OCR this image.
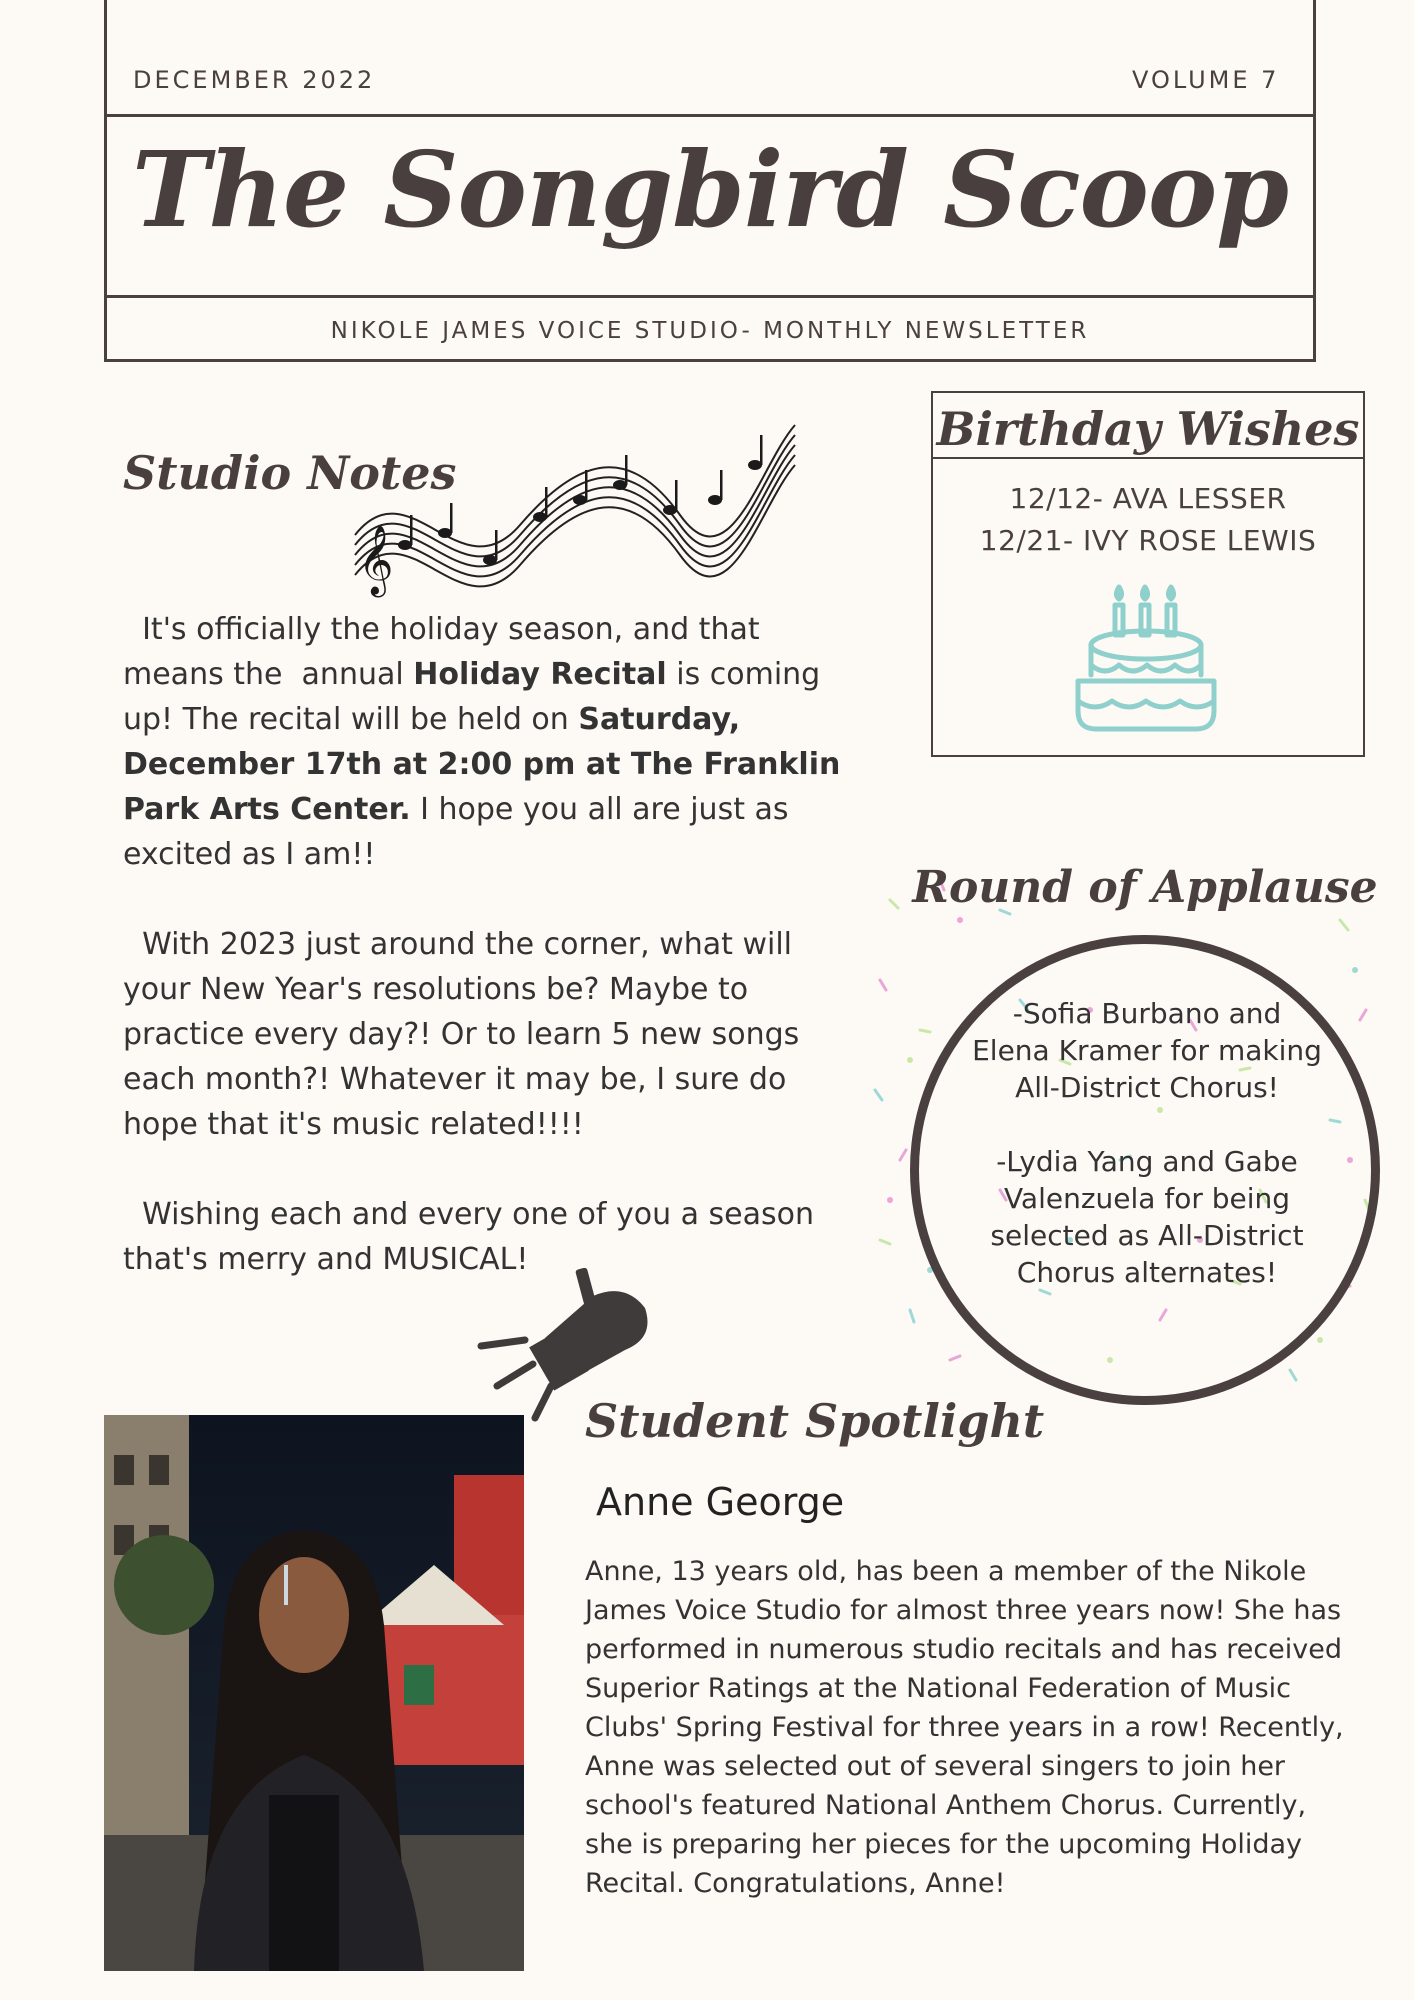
DECEMBER 2022	VOLUME 7
The Songbird Scoop
NIKOLE JAMES VOICE STUDIO- MONTHLY NEWSLETTER
Studio Notes
𝄞

It's officially the holiday season, and that means the  annual Holiday Recital is coming up! The recital will be held on Saturday, December 17th at 2:00 pm at The Franklin Park Arts Center. I hope you all are just as excited as I am!!

With 2023 just around the corner, what will your New Year's resolutions be? Maybe to practice every day?! Or to learn 5 new songs each month?! Whatever it may be, I sure do hope that it's music related!!!!

Wishing each and every one of you a season that's merry and MUSICAL!

Birthday Wishes
12/12- AVA LESSER
12/21- IVY ROSE LEWIS
Round of Applause
-Sofia Burbano and Elena Kramer for making All-District Chorus!
-Lydia Yang and Gabe Valenzuela for being selected as All-District Chorus alternates!
Student Spotlight
Anne George
Anne, 13 years old, has been a member of the Nikole James Voice Studio for almost three years now! She has performed in numerous studio recitals and has received Superior Ratings at the National Federation of Music Clubs' Spring Festival for three years in a row! Recently, Anne was selected out of several singers to join her school's featured National Anthem Chorus. Currently, she is preparing her pieces for the upcoming Holiday Recital. Congratulations, Anne!
